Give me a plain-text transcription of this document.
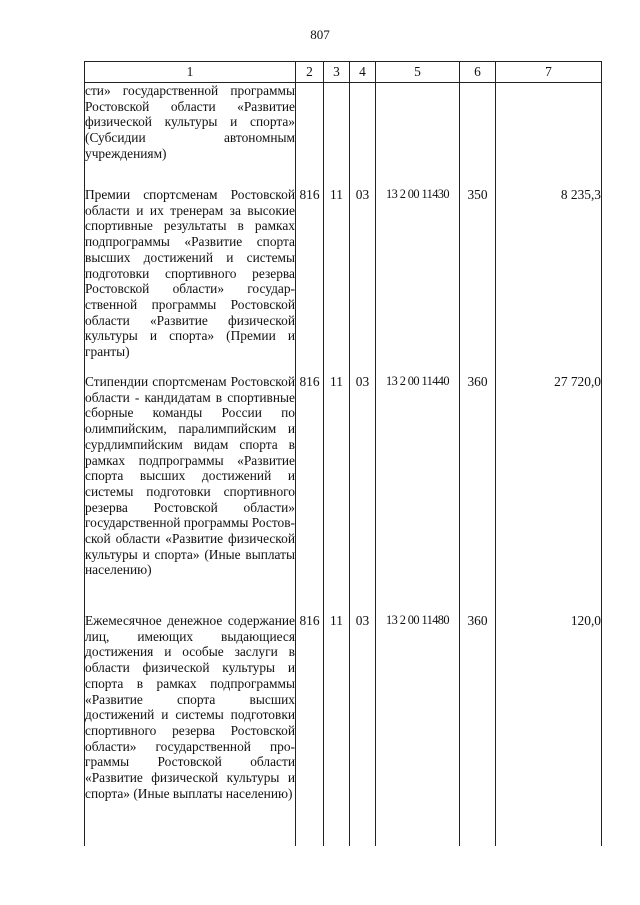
807
1	2	3	4	5	6	7
сти» государственной программы Ростовской области «Развитие физической культуры и спорта» (Субсидии автономным учреждениям)						
Премии спортсменам Ростовской области и их тренерам за высокие спортивные результаты в рамках подпрограммы «Развитие спорта высших достижений и системы подготовки спортивного резерва Ростовской области» государственной программы Ростовской области «Развитие физической культуры и спорта» (Премии и гранты)	816	11	03	13 2 00 11430	350	8 235,3
Стипендии спортсменам Ростовской области - кандидатам в спортивные сборные команды России по олимпийским, паралимпийским и сурдлимпийским видам спорта в рамках подпрограммы «Развитие спорта высших достижений и системы подготовки спортивного резерва Ростовской области» государственной программы Ростовской области «Развитие физической культуры и спорта» (Иные выплаты населению)	816	11	03	13 2 00 11440	360	27 720,0
Ежемесячное денежное содержание лиц, имеющих выдающиеся достижения и особые заслуги в области физической культуры и спорта в рамках подпрограммы «Развитие спорта высших достижений и системы подготовки спортивного резерва Ростовской области» государственной программы Ростовской области «Развитие физической культуры и спорта» (Иные выплаты населению)	816	11	03	13 2 00 11480	360	120,0
